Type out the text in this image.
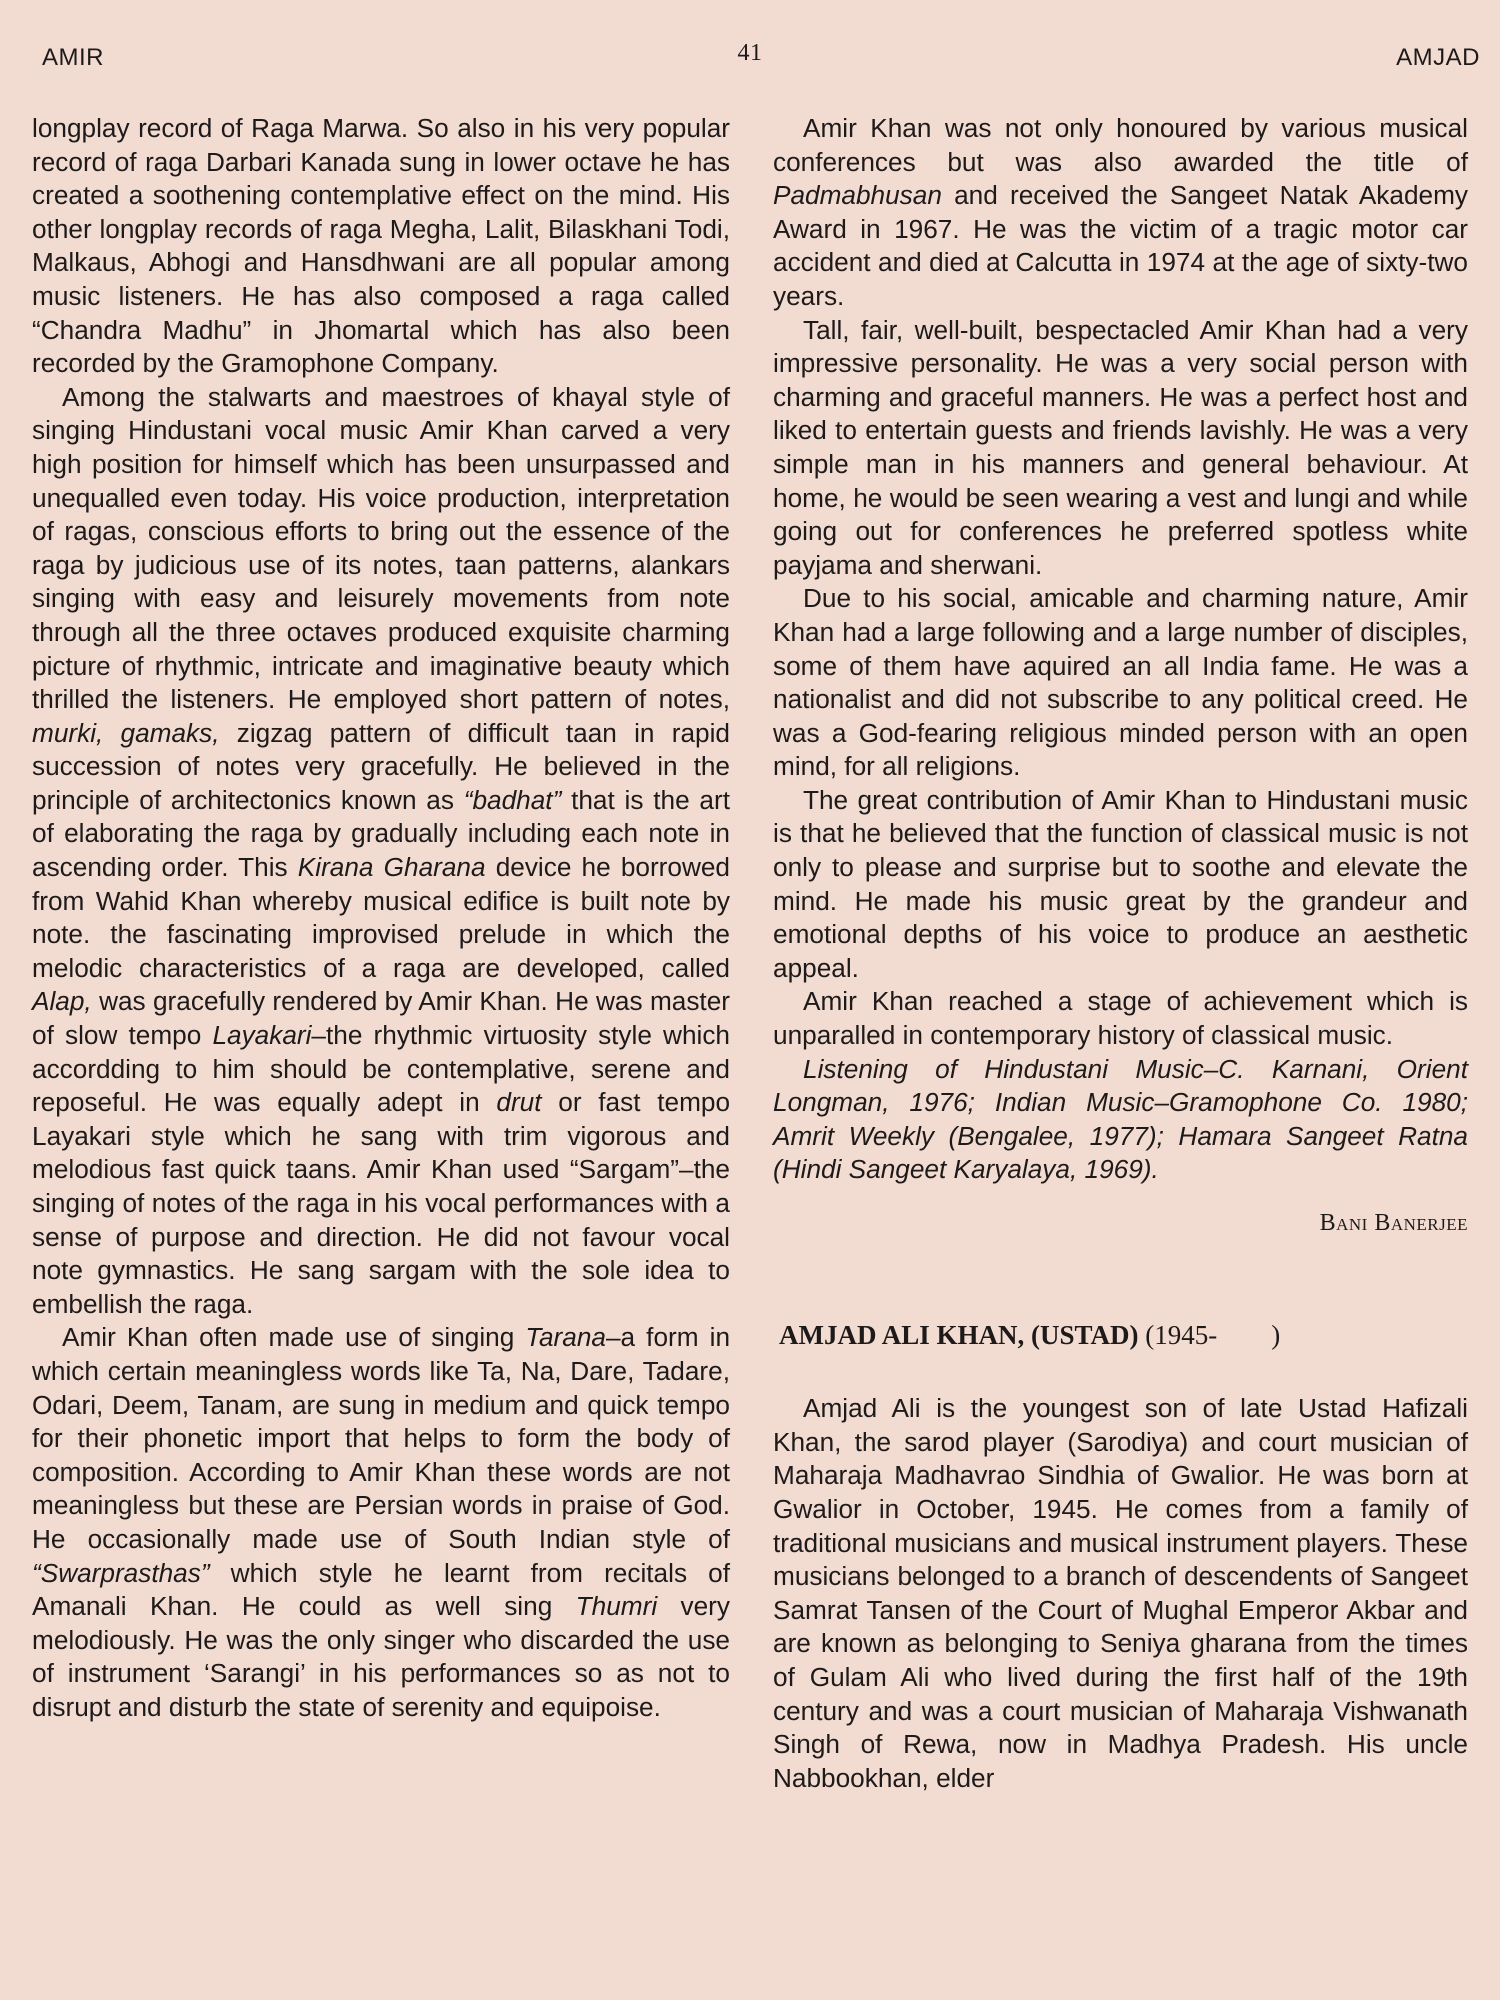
AMIR	41	AMJAD

longplay record of Raga Marwa. So also in his very popular record of raga Darbari Kanada sung in lower octave he has created a soothening contemplative effect on the mind. His other longplay records of raga Megha, Lalit, Bilaskhani Todi, Malkaus, Abhogi and Hansdhwani are all popular among music listeners. He has also composed a raga called “Chandra Madhu” in Jhomartal which has also been recorded by the Gramophone Company.

Among the stalwarts and maestroes of khayal style of singing Hindustani vocal music Amir Khan carved a very high position for himself which has been unsurpassed and unequalled even today. His voice production, interpretation of ragas, conscious efforts to bring out the essence of the raga by judicious use of its notes, taan patterns, alankars singing with easy and leisurely movements from note through all the three octaves produced exquisite charming picture of rhythmic, intricate and imaginative beauty which thrilled the listeners. He employed short pattern of notes, murki, gamaks, zigzag pattern of difficult taan in rapid succession of notes very gracefully. He believed in the principle of architectonics known as “badhat” that is the art of elaborating the raga by gradually including each note in ascending order. This Kirana Gharana device he borrowed from Wahid Khan whereby musical edifice is built note by note. the fascinating improvised prelude in which the melodic characteristics of a raga are developed, called Alap, was gracefully rendered by Amir Khan. He was master of slow tempo Layakari–the rhythmic virtuosity style which accordding to him should be contemplative, serene and reposeful. He was equally adept in drut or fast tempo Layakari style which he sang with trim vigorous and melodious fast quick taans. Amir Khan used “Sargam”–the singing of notes of the raga in his vocal performances with a sense of purpose and direction. He did not favour vocal note gymnastics. He sang sargam with the sole idea to embellish the raga.

Amir Khan often made use of singing Tarana–a form in which certain meaningless words like Ta, Na, Dare, Tadare, Odari, Deem, Tanam, are sung in medium and quick tempo for their phonetic import that helps to form the body of composition. According to Amir Khan these words are not meaningless but these are Persian words in praise of God. He occasionally made use of South Indian style of “Swarprasthas” which style he learnt from recitals of Amanali Khan. He could as well sing Thumri very melodiously. He was the only singer who discarded the use of instrument ‘Sarangi’ in his performances so as not to disrupt and disturb the state of serenity and equipoise.

Amir Khan was not only honoured by various musical conferences but was also awarded the title of Padmabhusan and received the Sangeet Natak Akademy Award in 1967. He was the victim of a tragic motor car accident and died at Calcutta in 1974 at the age of sixty-two years.

Tall, fair, well-built, bespectacled Amir Khan had a very impressive personality. He was a very social person with charming and graceful manners. He was a perfect host and liked to entertain guests and friends lavishly. He was a very simple man in his manners and general behaviour. At home, he would be seen wearing a vest and lungi and while going out for conferences he preferred spotless white payjama and sherwani.

Due to his social, amicable and charming nature, Amir Khan had a large following and a large number of disciples, some of them have aquired an all India fame. He was a nationalist and did not subscribe to any political creed. He was a God-fearing religious minded person with an open mind, for all religions.

The great contribution of Amir Khan to Hindustani music is that he believed that the function of classical music is not only to please and surprise but to soothe and elevate the mind. He made his music great by the grandeur and emotional depths of his voice to produce an aesthetic appeal.

Amir Khan reached a stage of achievement which is unparalled in contemporary history of classical music.

Listening of Hindustani Music–C. Karnani, Orient Longman, 1976; Indian Music–Gramophone Co. 1980; Amrit Weekly (Bengalee, 1977); Hamara Sangeet Ratna (Hindi Sangeet Karyalaya, 1969).

Bani Banerjee
AMJAD ALI KHAN, (USTAD) (1945-        )

Amjad Ali is the youngest son of late Ustad Hafizali Khan, the sarod player (Sarodiya) and court musician of Maharaja Madhavrao Sindhia of Gwalior. He was born at Gwalior in October, 1945. He comes from a family of traditional musicians and musical instrument players. These musicians belonged to a branch of descendents of Sangeet Samrat Tansen of the Court of Mughal Emperor Akbar and are known as belonging to Seniya gharana from the times of Gulam Ali who lived during the first half of the 19th century and was a court musician of Maharaja Vishwanath Singh of Rewa, now in Madhya Pradesh. His uncle Nabbookhan, elder
